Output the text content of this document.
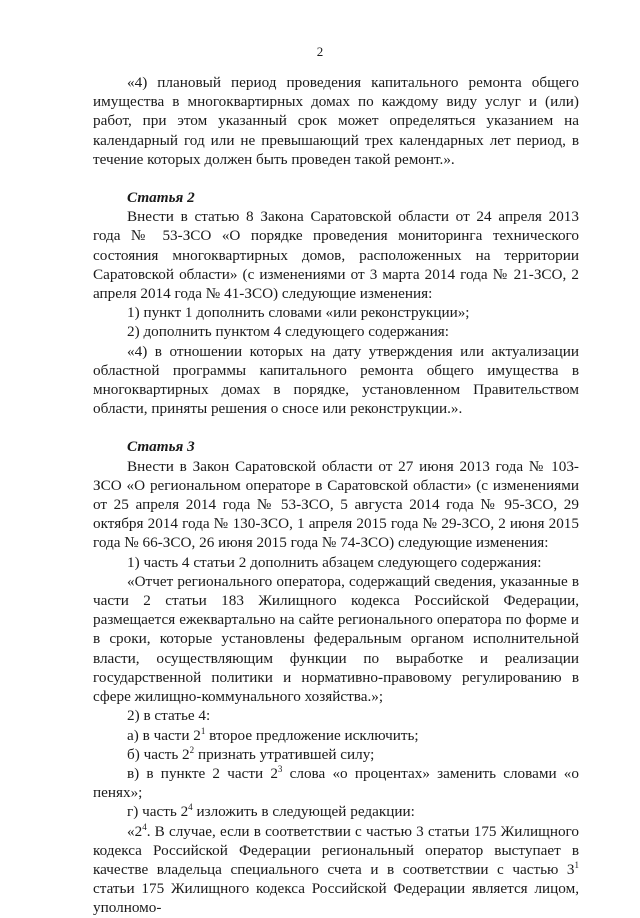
2

«4) плановый период проведения капитального ремонта общего имущества в многоквартирных домах по каждому виду услуг и (или) работ, при этом указанный срок может определяться указанием на календарный год или не превышающий трех календарных лет период, в течение которых должен быть проведен такой ремонт.».

Статья 2

Внести в статью 8 Закона Саратовской области от 24 апреля 2013 года № 53-ЗСО «О порядке проведения мониторинга технического состояния многоквартирных домов, расположенных на территории Саратовской области» (с изменениями от 3 марта 2014 года № 21-ЗСО, 2 апреля 2014 года № 41-ЗСО) следующие изменения:

1) пункт 1 дополнить словами «или реконструкции»;

2) дополнить пунктом 4 следующего содержания:

«4) в отношении которых на дату утверждения или актуализации областной программы капитального ремонта общего имущества в многоквартирных домах в порядке, установленном Правительством области, приняты решения о сносе или реконструкции.».

Статья 3

Внести в Закон Саратовской области от 27 июня 2013 года № 103-ЗСО «О региональном операторе в Саратовской области» (с изменениями от 25 апреля 2014 года № 53-ЗСО, 5 августа 2014 года № 95-ЗСО, 29 октября 2014 года № 130-ЗСО, 1 апреля 2015 года № 29-ЗСО, 2 июня 2015 года № 66-ЗСО, 26 июня 2015 года № 74-ЗСО) следующие изменения:

1) часть 4 статьи 2 дополнить абзацем следующего содержания:

«Отчет регионального оператора, содержащий сведения, указанные в части 2 статьи 183 Жилищного кодекса Российской Федерации, размещается ежеквартально на сайте регионального оператора по форме и в сроки, которые установлены федеральным органом исполнительной власти, осуществляющим функции по выработке и реализации государственной политики и нормативно-правовому регулированию в сфере жилищно-коммунального хозяйства.»;

2) в статье 4:

а) в части $2^1$ второе предложение исключить;

б) часть $2^2$ признать утратившей силу;

в) в пункте 2 части $2^3$ слова «о процентах» заменить словами «о пенях»;

г) часть $2^4$ изложить в следующей редакции:

«$2^4$. В случае, если в соответствии с частью 3 статьи 175 Жилищного кодекса Российской Федерации региональный оператор выступает в качестве владельца специального счета и в соответствии с частью $3^1$ статьи 175 Жилищного кодекса Российской Федерации является лицом, уполномо-
